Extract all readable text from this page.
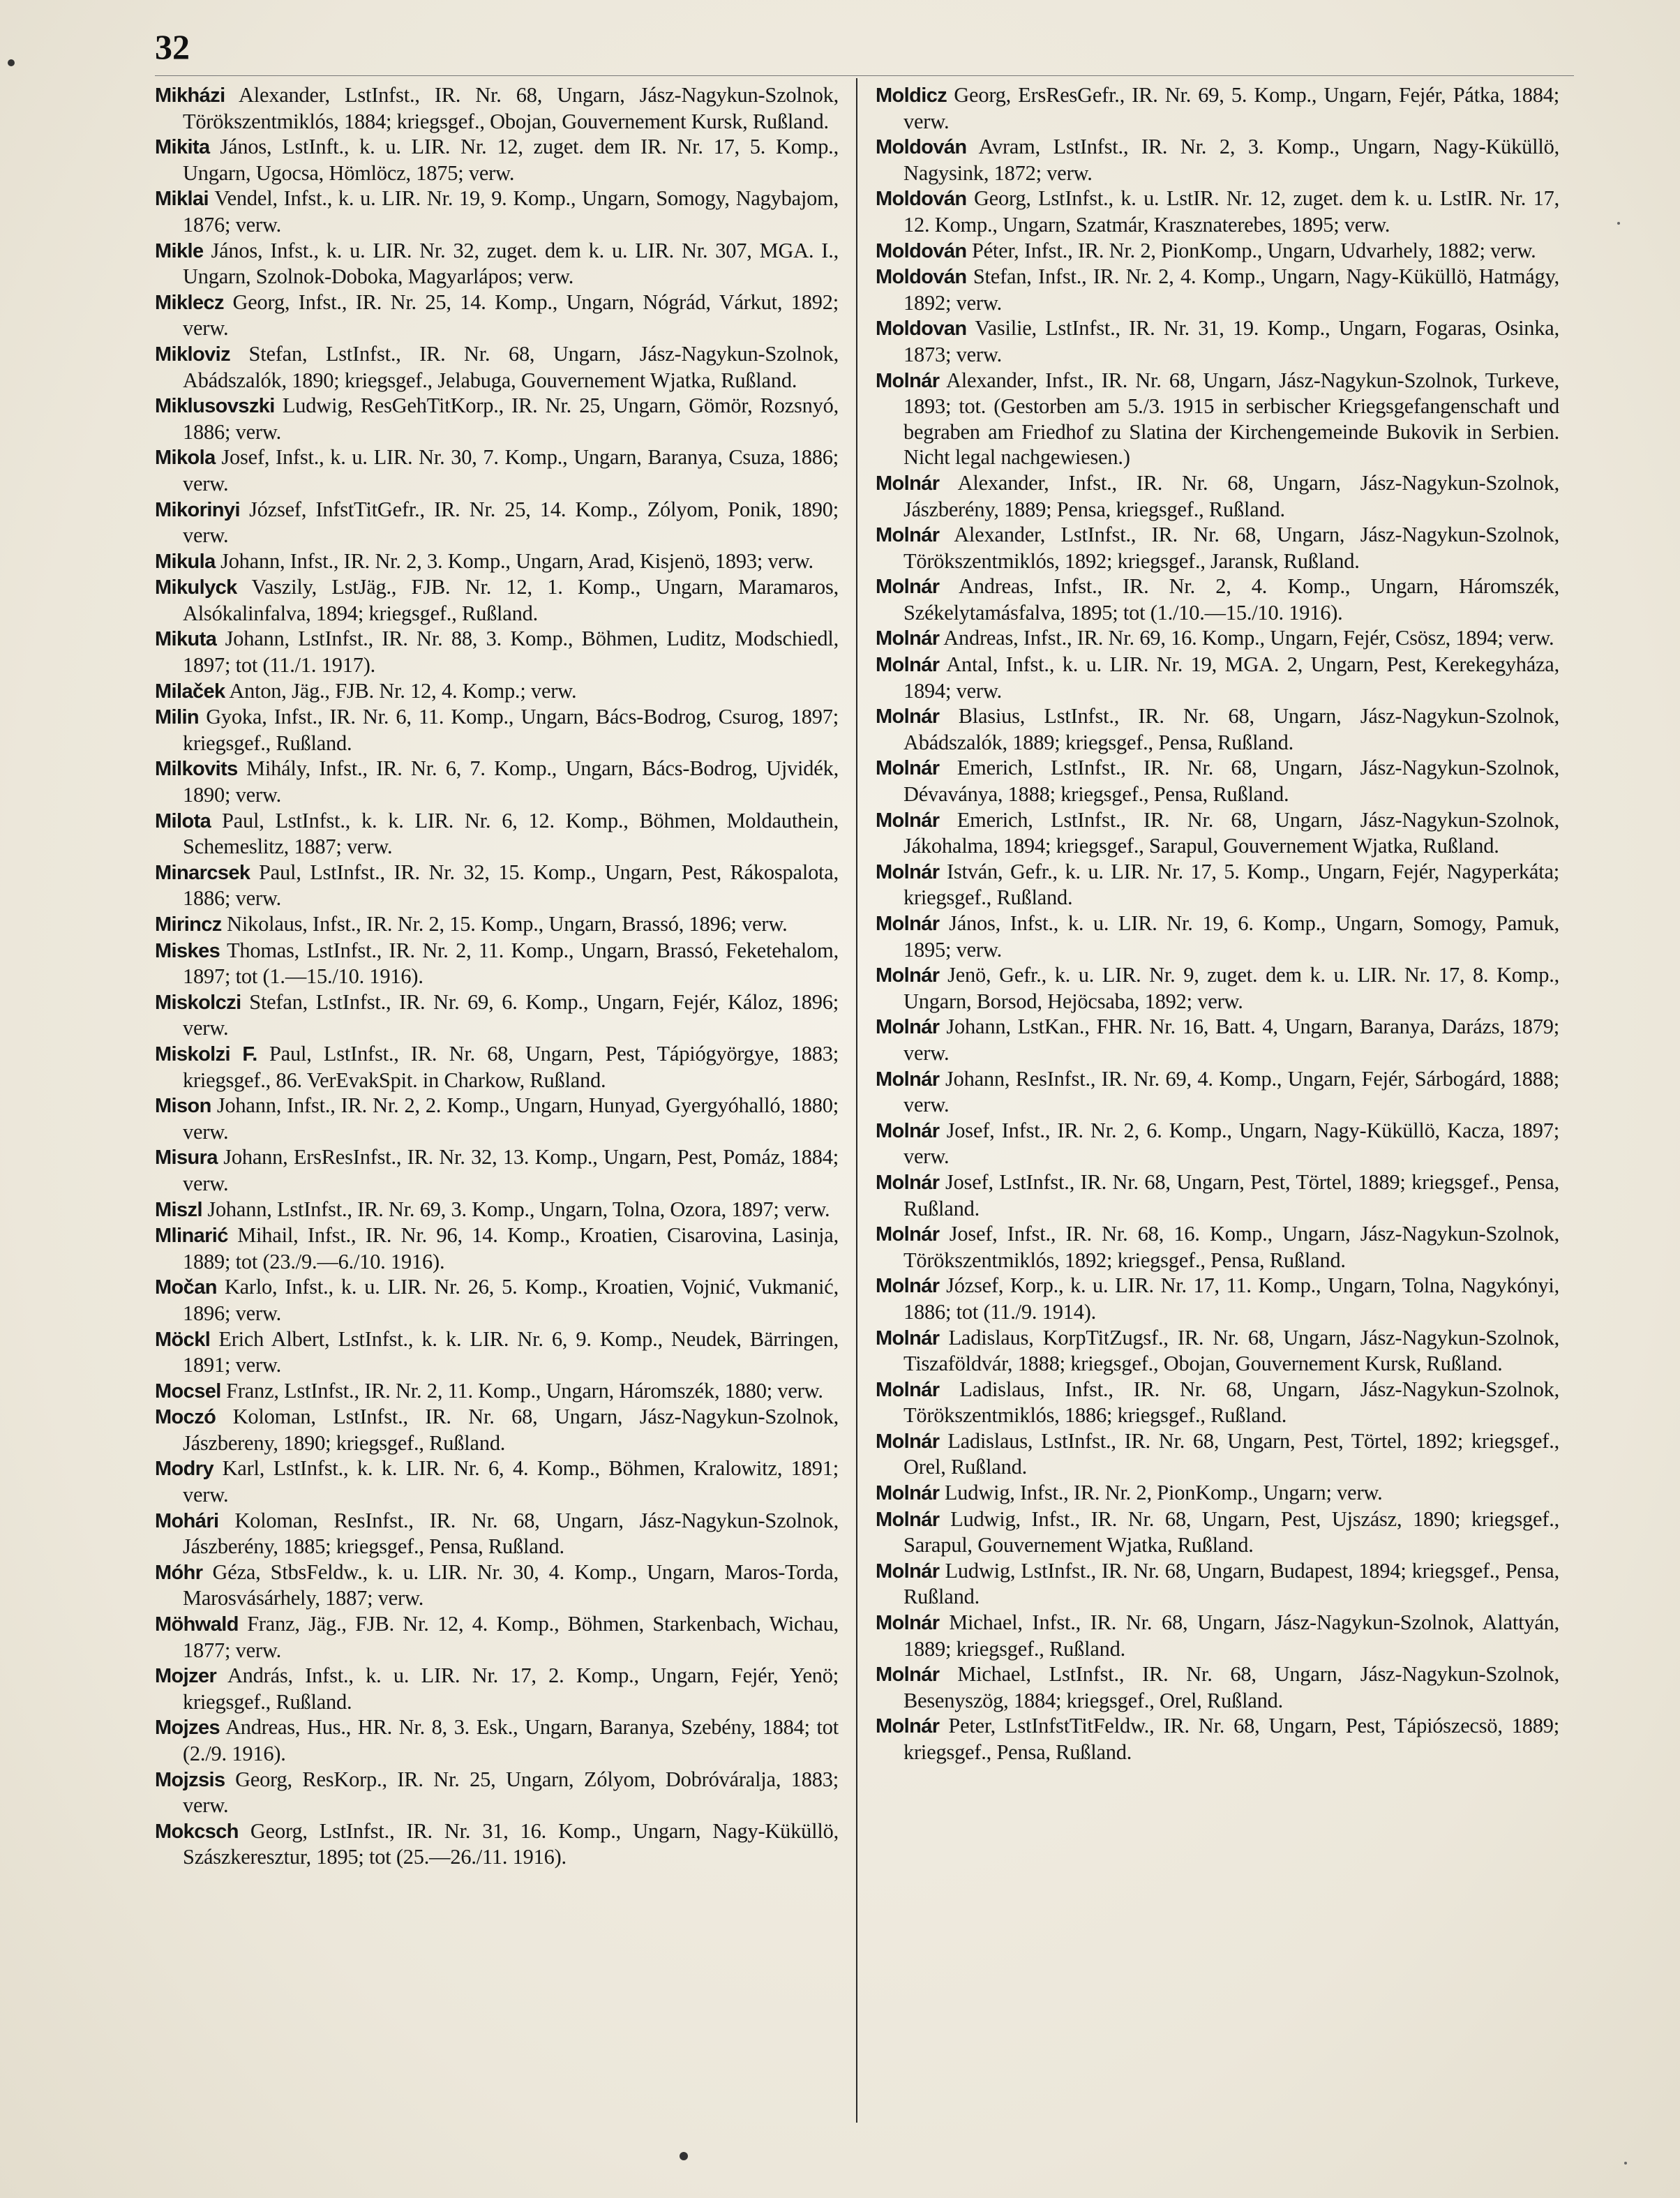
32

Mikházi Alexander, LstInfst., IR. Nr. 68, Ungarn, Jász-Nagykun-Szolnok, Törökszentmiklós, 1884; kriegsgef., Obojan, Gouvernement Kursk, Rußland.

Mikita János, LstInft., k. u. LIR. Nr. 12, zuget. dem IR. Nr. 17, 5. Komp., Ungarn, Ugocsa, Hömlöcz, 1875; verw.

Miklai Vendel, Infst., k. u. LIR. Nr. 19, 9. Komp., Ungarn, Somogy, Nagybajom, 1876; verw.

Mikle János, Infst., k. u. LIR. Nr. 32, zuget. dem k. u. LIR. Nr. 307, MGA. I., Ungarn, Szolnok-Doboka, Magyarlápos; verw.

Miklecz Georg, Infst., IR. Nr. 25, 14. Komp., Ungarn, Nógrád, Várkut, 1892; verw.

Mikloviz Stefan, LstInfst., IR. Nr. 68, Ungarn, Jász-Nagykun-Szolnok, Abádszalók, 1890; kriegsgef., Jelabuga, Gouvernement Wjatka, Rußland.

Miklusovszki Ludwig, ResGehTitKorp., IR. Nr. 25, Ungarn, Gömör, Rozsnyó, 1886; verw.

Mikola Josef, Infst., k. u. LIR. Nr. 30, 7. Komp., Ungarn, Baranya, Csuza, 1886; verw.

Mikorinyi József, InfstTitGefr., IR. Nr. 25, 14. Komp., Zólyom, Ponik, 1890; verw.

Mikula Johann, Infst., IR. Nr. 2, 3. Komp., Ungarn, Arad, Kisjenö, 1893; verw.

Mikulyck Vaszily, LstJäg., FJB. Nr. 12, 1. Komp., Ungarn, Maramaros, Alsókalinfalva, 1894; kriegsgef., Rußland.

Mikuta Johann, LstInfst., IR. Nr. 88, 3. Komp., Böhmen, Luditz, Modschiedl, 1897; tot (11./1. 1917).

Milaček Anton, Jäg., FJB. Nr. 12, 4. Komp.; verw.

Milin Gyoka, Infst., IR. Nr. 6, 11. Komp., Ungarn, Bács-Bodrog, Csurog, 1897; kriegsgef., Rußland.

Milkovits Mihály, Infst., IR. Nr. 6, 7. Komp., Ungarn, Bács-Bodrog, Ujvidék, 1890; verw.

Milota Paul, LstInfst., k. k. LIR. Nr. 6, 12. Komp., Böhmen, Moldauthein, Schemeslitz, 1887; verw.

Minarcsek Paul, LstInfst., IR. Nr. 32, 15. Komp., Ungarn, Pest, Rákospalota, 1886; verw.

Mirincz Nikolaus, Infst., IR. Nr. 2, 15. Komp., Ungarn, Brassó, 1896; verw.

Miskes Thomas, LstInfst., IR. Nr. 2, 11. Komp., Ungarn, Brassó, Feketehalom, 1897; tot (1.—15./10. 1916).

Miskolczi Stefan, LstInfst., IR. Nr. 69, 6. Komp., Ungarn, Fejér, Káloz, 1896; verw.

Miskolzi F. Paul, LstInfst., IR. Nr. 68, Ungarn, Pest, Tápiógyörgye, 1883; kriegsgef., 86. VerEvakSpit. in Charkow, Rußland.

Mison Johann, Infst., IR. Nr. 2, 2. Komp., Ungarn, Hunyad, Gyergyóhalló, 1880; verw.

Misura Johann, ErsResInfst., IR. Nr. 32, 13. Komp., Ungarn, Pest, Pomáz, 1884; verw.

Miszl Johann, LstInfst., IR. Nr. 69, 3. Komp., Ungarn, Tolna, Ozora, 1897; verw.

Mlinarić Mihail, Infst., IR. Nr. 96, 14. Komp., Kroatien, Cisarovina, Lasinja, 1889; tot (23./9.—6./10. 1916).

Močan Karlo, Infst., k. u. LIR. Nr. 26, 5. Komp., Kroatien, Vojnić, Vukmanić, 1896; verw.

Möckl Erich Albert, LstInfst., k. k. LIR. Nr. 6, 9. Komp., Neudek, Bärringen, 1891; verw.

Mocsel Franz, LstInfst., IR. Nr. 2, 11. Komp., Ungarn, Háromszék, 1880; verw.

Moczó Koloman, LstInfst., IR. Nr. 68, Ungarn, Jász-Nagykun-Szolnok, Jászbereny, 1890; kriegsgef., Rußland.

Modry Karl, LstInfst., k. k. LIR. Nr. 6, 4. Komp., Böhmen, Kralowitz, 1891; verw.

Mohári Koloman, ResInfst., IR. Nr. 68, Ungarn, Jász-Nagykun-Szolnok, Jászberény, 1885; kriegsgef., Pensa, Rußland.

Móhr Géza, StbsFeldw., k. u. LIR. Nr. 30, 4. Komp., Ungarn, Maros-Torda, Marosvásárhely, 1887; verw.

Möhwald Franz, Jäg., FJB. Nr. 12, 4. Komp., Böhmen, Starkenbach, Wichau, 1877; verw.

Mojzer András, Infst., k. u. LIR. Nr. 17, 2. Komp., Ungarn, Fejér, Yenö; kriegsgef., Rußland.

Mojzes Andreas, Hus., HR. Nr. 8, 3. Esk., Ungarn, Baranya, Szebény, 1884; tot (2./9. 1916).

Mojzsis Georg, ResKorp., IR. Nr. 25, Ungarn, Zólyom, Dobróváralja, 1883; verw.

Mokcsch Georg, LstInfst., IR. Nr. 31, 16. Komp., Ungarn, Nagy-Küküllö, Szászkeresztur, 1895; tot (25.—26./11. 1916).

Moldicz Georg, ErsResGefr., IR. Nr. 69, 5. Komp., Ungarn, Fejér, Pátka, 1884; verw.

Moldován Avram, LstInfst., IR. Nr. 2, 3. Komp., Ungarn, Nagy-Küküllö, Nagysink, 1872; verw.

Moldován Georg, LstInfst., k. u. LstIR. Nr. 12, zuget. dem k. u. LstIR. Nr. 17, 12. Komp., Ungarn, Szatmár, Krasznaterebes, 1895; verw.

Moldován Péter, Infst., IR. Nr. 2, PionKomp., Ungarn, Udvarhely, 1882; verw.

Moldován Stefan, Infst., IR. Nr. 2, 4. Komp., Ungarn, Nagy-Küküllö, Hatmágy, 1892; verw.

Moldovan Vasilie, LstInfst., IR. Nr. 31, 19. Komp., Ungarn, Fogaras, Osinka, 1873; verw.

Molnár Alexander, Infst., IR. Nr. 68, Ungarn, Jász-Nagykun-Szolnok, Turkeve, 1893; tot. (Gestorben am 5./3. 1915 in serbischer Kriegsgefangenschaft und begraben am Friedhof zu Slatina der Kirchengemeinde Bukovik in Serbien. Nicht legal nachgewiesen.)

Molnár Alexander, Infst., IR. Nr. 68, Ungarn, Jász-Nagykun-Szolnok, Jászberény, 1889; Pensa, kriegsgef., Rußland.

Molnár Alexander, LstInfst., IR. Nr. 68, Ungarn, Jász-Nagykun-Szolnok, Törökszentmiklós, 1892; kriegsgef., Jaransk, Rußland.

Molnár Andreas, Infst., IR. Nr. 2, 4. Komp., Ungarn, Háromszék, Székelytamásfalva, 1895; tot (1./10.—15./10. 1916).

Molnár Andreas, Infst., IR. Nr. 69, 16. Komp., Ungarn, Fejér, Csösz, 1894; verw.

Molnár Antal, Infst., k. u. LIR. Nr. 19, MGA. 2, Ungarn, Pest, Kerekegyháza, 1894; verw.

Molnár Blasius, LstInfst., IR. Nr. 68, Ungarn, Jász-Nagykun-Szolnok, Abádszalók, 1889; kriegsgef., Pensa, Rußland.

Molnár Emerich, LstInfst., IR. Nr. 68, Ungarn, Jász-Nagykun-Szolnok, Dévaványa, 1888; kriegsgef., Pensa, Rußland.

Molnár Emerich, LstInfst., IR. Nr. 68, Ungarn, Jász-Nagykun-Szolnok, Jákohalma, 1894; kriegsgef., Sarapul, Gouvernement Wjatka, Rußland.

Molnár István, Gefr., k. u. LIR. Nr. 17, 5. Komp., Ungarn, Fejér, Nagyperkáta; kriegsgef., Rußland.

Molnár János, Infst., k. u. LIR. Nr. 19, 6. Komp., Ungarn, Somogy, Pamuk, 1895; verw.

Molnár Jenö, Gefr., k. u. LIR. Nr. 9, zuget. dem k. u. LIR. Nr. 17, 8. Komp., Ungarn, Borsod, Hejöcsaba, 1892; verw.

Molnár Johann, LstKan., FHR. Nr. 16, Batt. 4, Ungarn, Baranya, Darázs, 1879; verw.

Molnár Johann, ResInfst., IR. Nr. 69, 4. Komp., Ungarn, Fejér, Sárbogárd, 1888; verw.

Molnár Josef, Infst., IR. Nr. 2, 6. Komp., Ungarn, Nagy-Küküllö, Kacza, 1897; verw.

Molnár Josef, LstInfst., IR. Nr. 68, Ungarn, Pest, Törtel, 1889; kriegsgef., Pensa, Rußland.

Molnár Josef, Infst., IR. Nr. 68, 16. Komp., Ungarn, Jász-Nagykun-Szolnok, Törökszentmiklós, 1892; kriegsgef., Pensa, Rußland.

Molnár József, Korp., k. u. LIR. Nr. 17, 11. Komp., Ungarn, Tolna, Nagykónyi, 1886; tot (11./9. 1914).

Molnár Ladislaus, KorpTitZugsf., IR. Nr. 68, Ungarn, Jász-Nagykun-Szolnok, Tiszaföldvár, 1888; kriegsgef., Obojan, Gouvernement Kursk, Rußland.

Molnár Ladislaus, Infst., IR. Nr. 68, Ungarn, Jász-Nagykun-Szolnok, Törökszentmiklós, 1886; kriegsgef., Rußland.

Molnár Ladislaus, LstInfst., IR. Nr. 68, Ungarn, Pest, Törtel, 1892; kriegsgef., Orel, Rußland.

Molnár Ludwig, Infst., IR. Nr. 2, PionKomp., Ungarn; verw.

Molnár Ludwig, Infst., IR. Nr. 68, Ungarn, Pest, Ujszász, 1890; kriegsgef., Sarapul, Gouvernement Wjatka, Rußland.

Molnár Ludwig, LstInfst., IR. Nr. 68, Ungarn, Budapest, 1894; kriegsgef., Pensa, Rußland.

Molnár Michael, Infst., IR. Nr. 68, Ungarn, Jász-Nagykun-Szolnok, Alattyán, 1889; kriegsgef., Rußland.

Molnár Michael, LstInfst., IR. Nr. 68, Ungarn, Jász-Nagykun-Szolnok, Besenyszög, 1884; kriegsgef., Orel, Rußland.

Molnár Peter, LstInfstTitFeldw., IR. Nr. 68, Ungarn, Pest, Tápiószecsö, 1889; kriegsgef., Pensa, Rußland.
